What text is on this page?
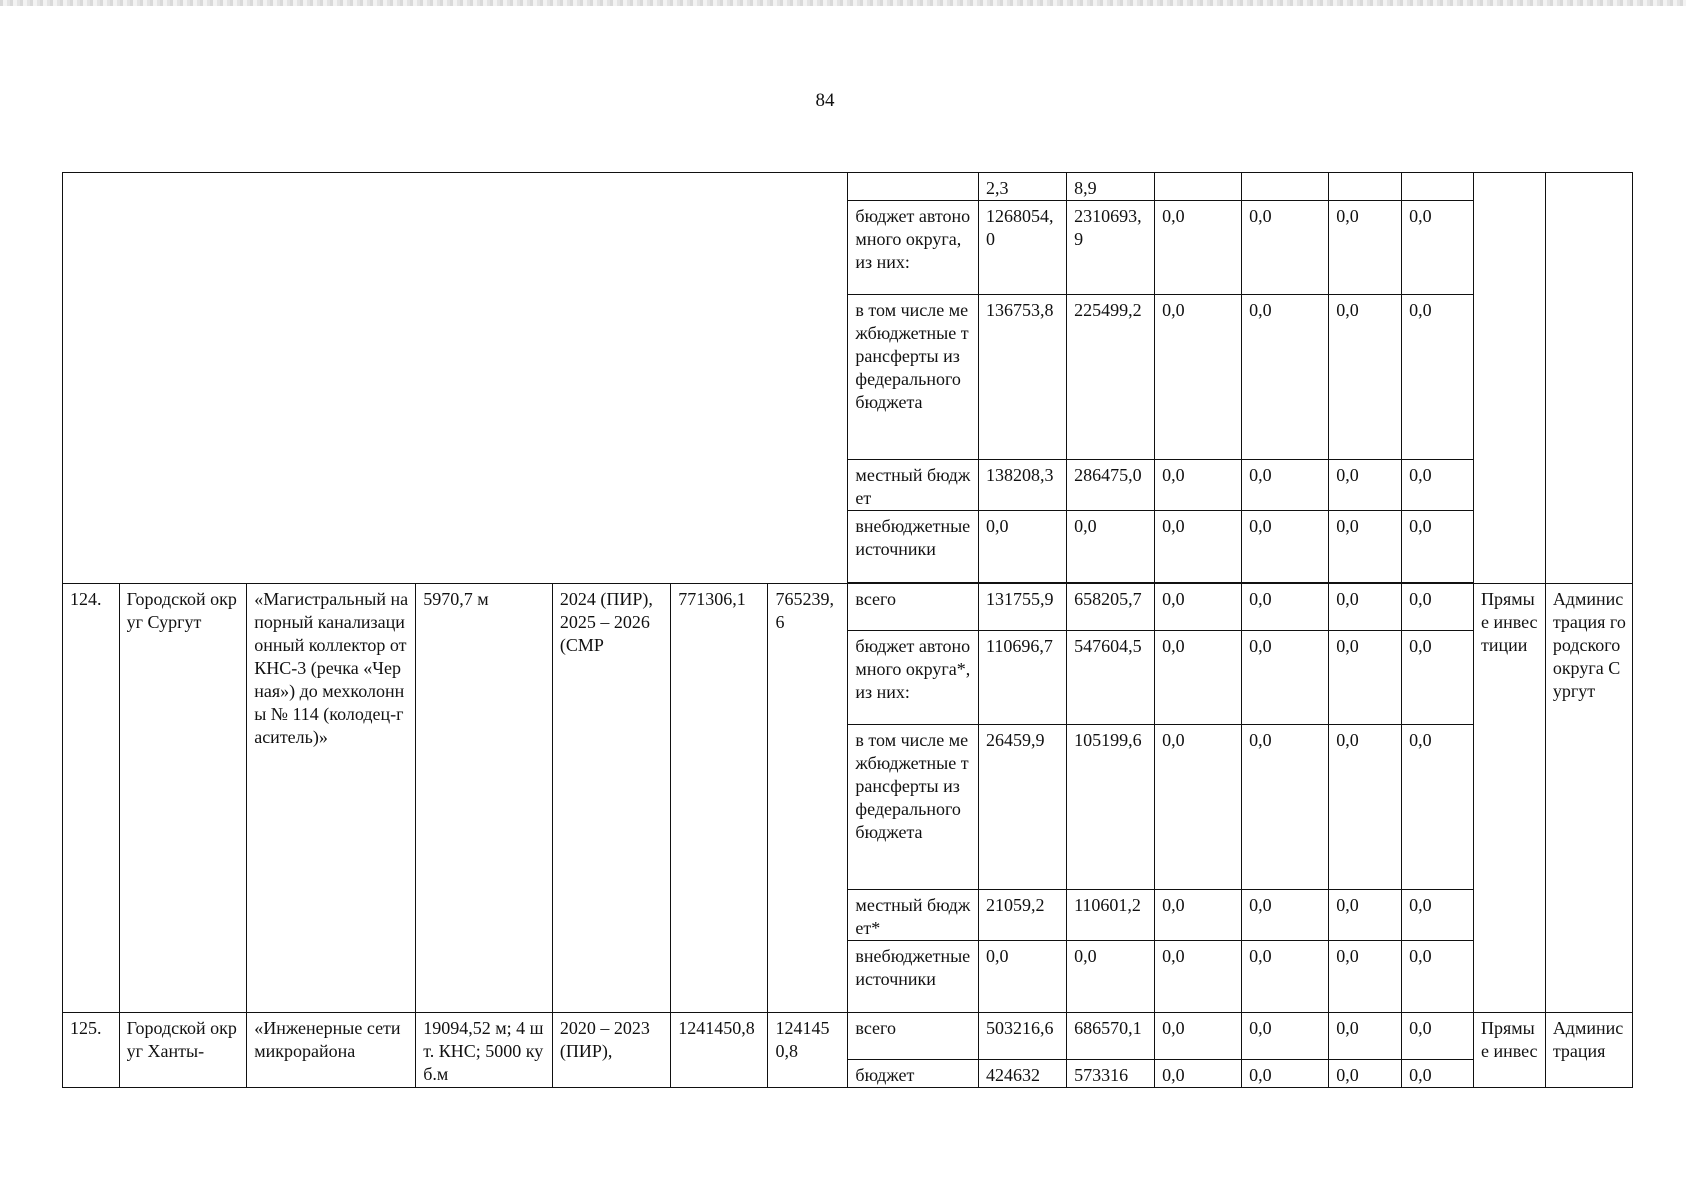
84
								2,3	8,9						
							бюджет автономного округа, из них:	1268054,0	2310693,9	0,0	0,0	0,0	0,0		
							в том числе межбюджетные трансферты из федерального бюджета	136753,8	225499,2	0,0	0,0	0,0	0,0		
							местный бюджет	138208,3	286475,0	0,0	0,0	0,0	0,0		
							внебюджетные источники	0,0	0,0	0,0	0,0	0,0	0,0		

124.	Городской округ Сургут	«Магистральный напорный канализационный коллектор от КНС-3 (речка «Черная») до мехколонны № 114 (колодец-гаситель)»	5970,7 м	2024 (ПИР), 2025 – 2026 (СМР	771306,1	765239,6	всего	131755,9	658205,7	0,0	0,0	0,0	0,0	Прямые инвестиции	Администрация городского округа Сургут
							бюджет автономного округа*, из них:	110696,7	547604,5	0,0	0,0	0,0	0,0		
							в том числе межбюджетные трансферты из федерального бюджета	26459,9	105199,6	0,0	0,0	0,0	0,0		
							местный бюджет*	21059,2	110601,2	0,0	0,0	0,0	0,0		
							внебюджетные источники	0,0	0,0	0,0	0,0	0,0	0,0		
125.	Городской округ Ханты-	«Инженерные сети микрорайона	19094,52 м; 4 шт. КНС; 5000 куб.м	2020 – 2023 (ПИР),	1241450,8	1241450,8	всего	503216,6	686570,1	0,0	0,0	0,0	0,0	Прямые инвес	Администрация
							бюджет	424632	573316	0,0	0,0	0,0	0,0		
